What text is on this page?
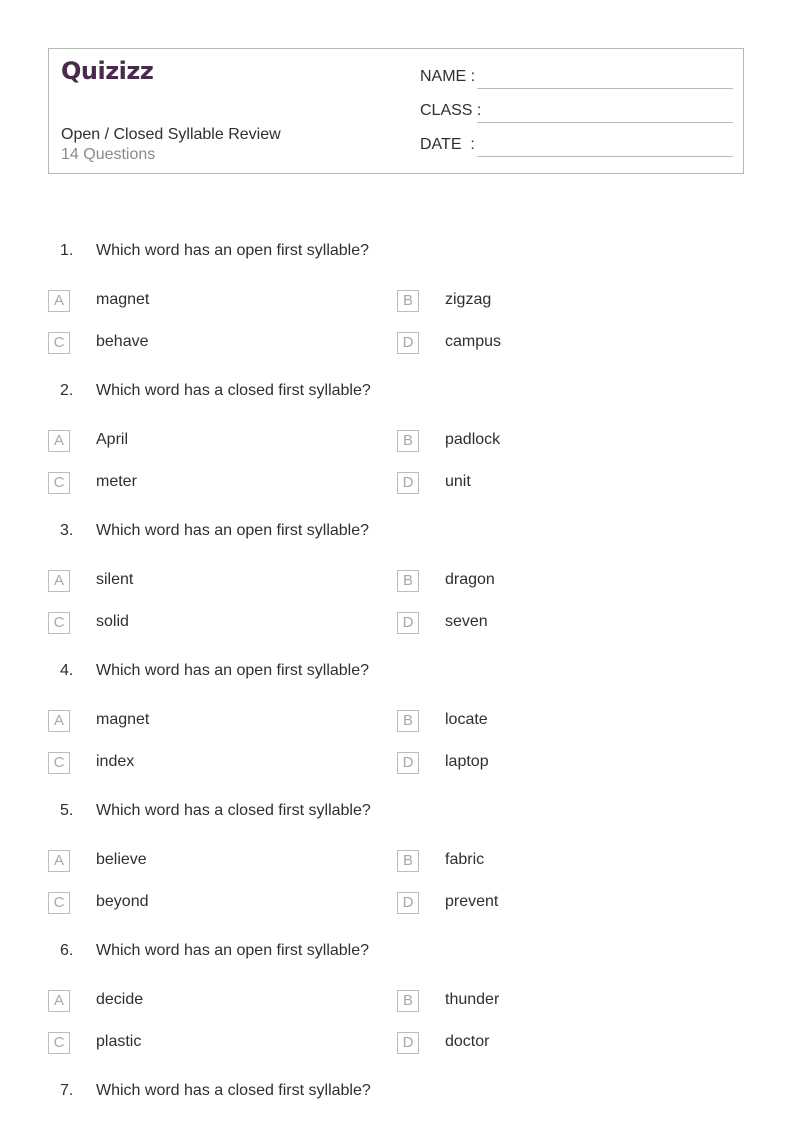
Quizizz
Open / Closed Syllable Review
14 Questions
NAME :
CLASS :
DATE  :
1. Which word has an open first syllable?
A	magnet	B	zigzag
C	behave	D	campus
2. Which word has a closed first syllable?
A	April	B	padlock
C	meter	D	unit
3. Which word has an open first syllable?
A	silent	B	dragon
C	solid	D	seven
4. Which word has an open first syllable?
A	magnet	B	locate
C	index	D	laptop
5. Which word has a closed first syllable?
A	believe	B	fabric
C	beyond	D	prevent
6. Which word has an open first syllable?
A	decide	B	thunder
C	plastic	D	doctor
7. Which word has a closed first syllable?
